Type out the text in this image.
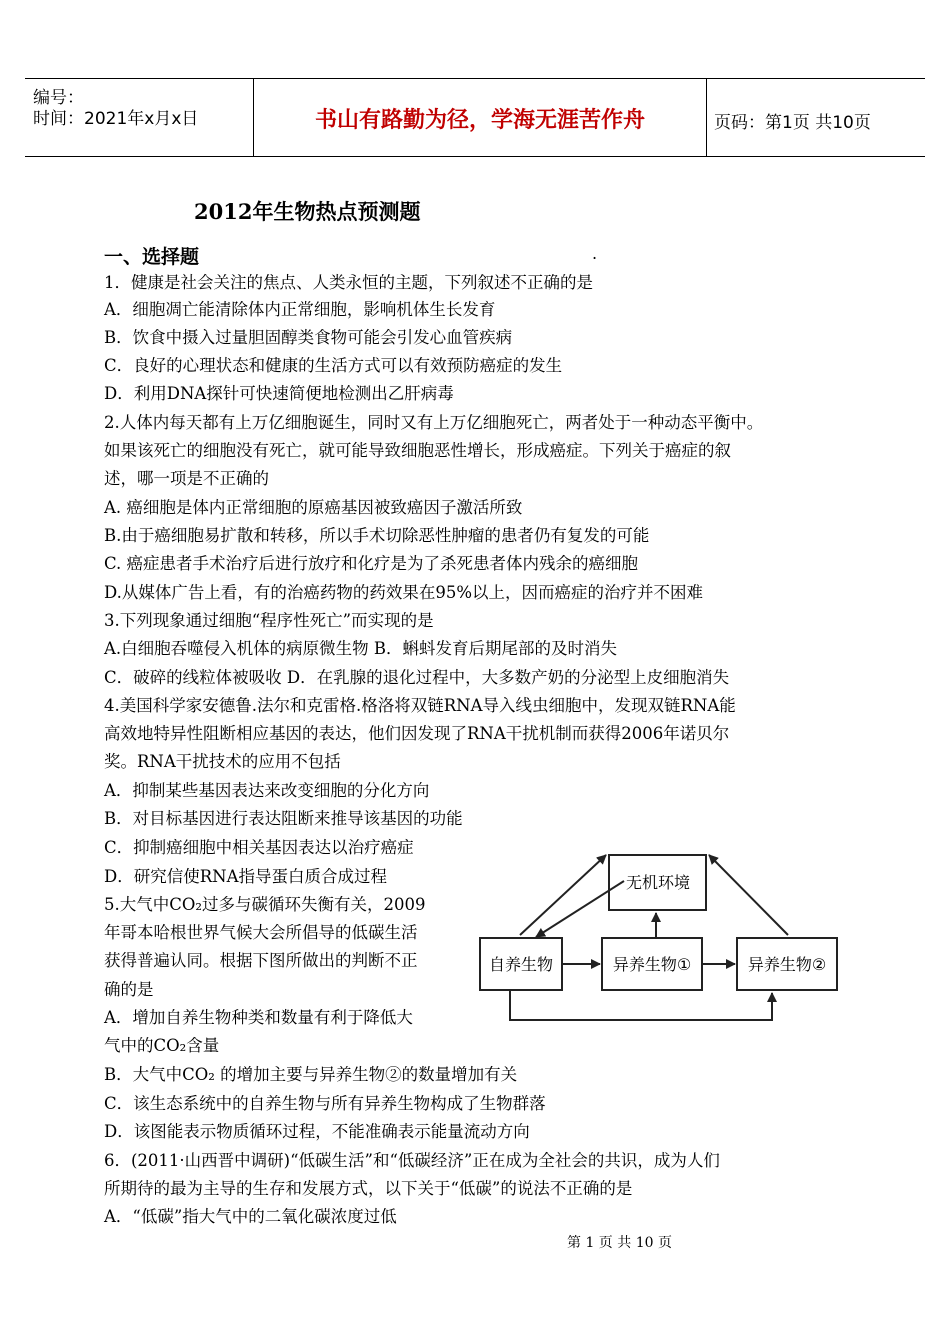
编号：
时间：2021年x月x日	书山有路勤为径，学海无涯苦作舟	页码：第1页 共10页
2012年生物热点预测题
一、选择题	.
1．健康是社会关注的焦点、人类永恒的主题，下列叙述不正确的是
A．细胞凋亡能清除体内正常细胞，影响机体生长发育
B．饮食中摄入过量胆固醇类食物可能会引发心血管疾病
C．良好的心理状态和健康的生活方式可以有效预防癌症的发生
D．利用DNA探针可快速简便地检测出乙肝病毒
2.人体内每天都有上万亿细胞诞生，同时又有上万亿细胞死亡，两者处于一种动态平衡中。
如果该死亡的细胞没有死亡，就可能导致细胞恶性增长，形成癌症。下列关于癌症的叙
述，哪一项是不正确的
A. 癌细胞是体内正常细胞的原癌基因被致癌因子激活所致
B.由于癌细胞易扩散和转移，所以手术切除恶性肿瘤的患者仍有复发的可能
C. 癌症患者手术治疗后进行放疗和化疗是为了杀死患者体内残余的癌细胞
D.从媒体广告上看，有的治癌药物的药效果在95%以上，因而癌症的治疗并不困难
3.下列现象通过细胞“程序性死亡”而实现的是
A.白细胞吞噬侵入机体的病原微生物 B．蝌蚪发育后期尾部的及时消失
C．破碎的线粒体被吸收 D．在乳腺的退化过程中，大多数产奶的分泌型上皮细胞消失
4.美国科学家安德鲁.法尔和克雷格.格洛将双链RNA导入线虫细胞中，发现双链RNA能
高效地特异性阻断相应基因的表达，他们因发现了RNA干扰机制而获得2006年诺贝尔
奖。RNA干扰技术的应用不包括
A．抑制某些基因表达来改变细胞的分化方向
B．对目标基因进行表达阻断来推导该基因的功能
C．抑制癌细胞中相关基因表达以治疗癌症
D．研究信使RNA指导蛋白质合成过程
5.大气中CO₂过多与碳循环失衡有关，2009
年哥本哈根世界气候大会所倡导的低碳生活
获得普遍认同。根据下图所做出的判断不正
确的是
A．增加自养生物种类和数量有利于降低大
气中的CO₂含量
B．大气中CO₂ 的增加主要与异养生物②的数量增加有关
C．该生态系统中的自养生物与所有异养生物构成了生物群落
D．该图能表示物质循环过程，不能准确表示能量流动方向
6．(2011·山西晋中调研)“低碳生活”和“低碳经济”正在成为全社会的共识，成为人们
所期待的最为主导的生存和发展方式，以下关于“低碳”的说法不正确的是
A．“低碳”指大气中的二氧化碳浓度过低
无机环境
自养生物	异养生物①	异养生物②
第 1 页 共 10 页
